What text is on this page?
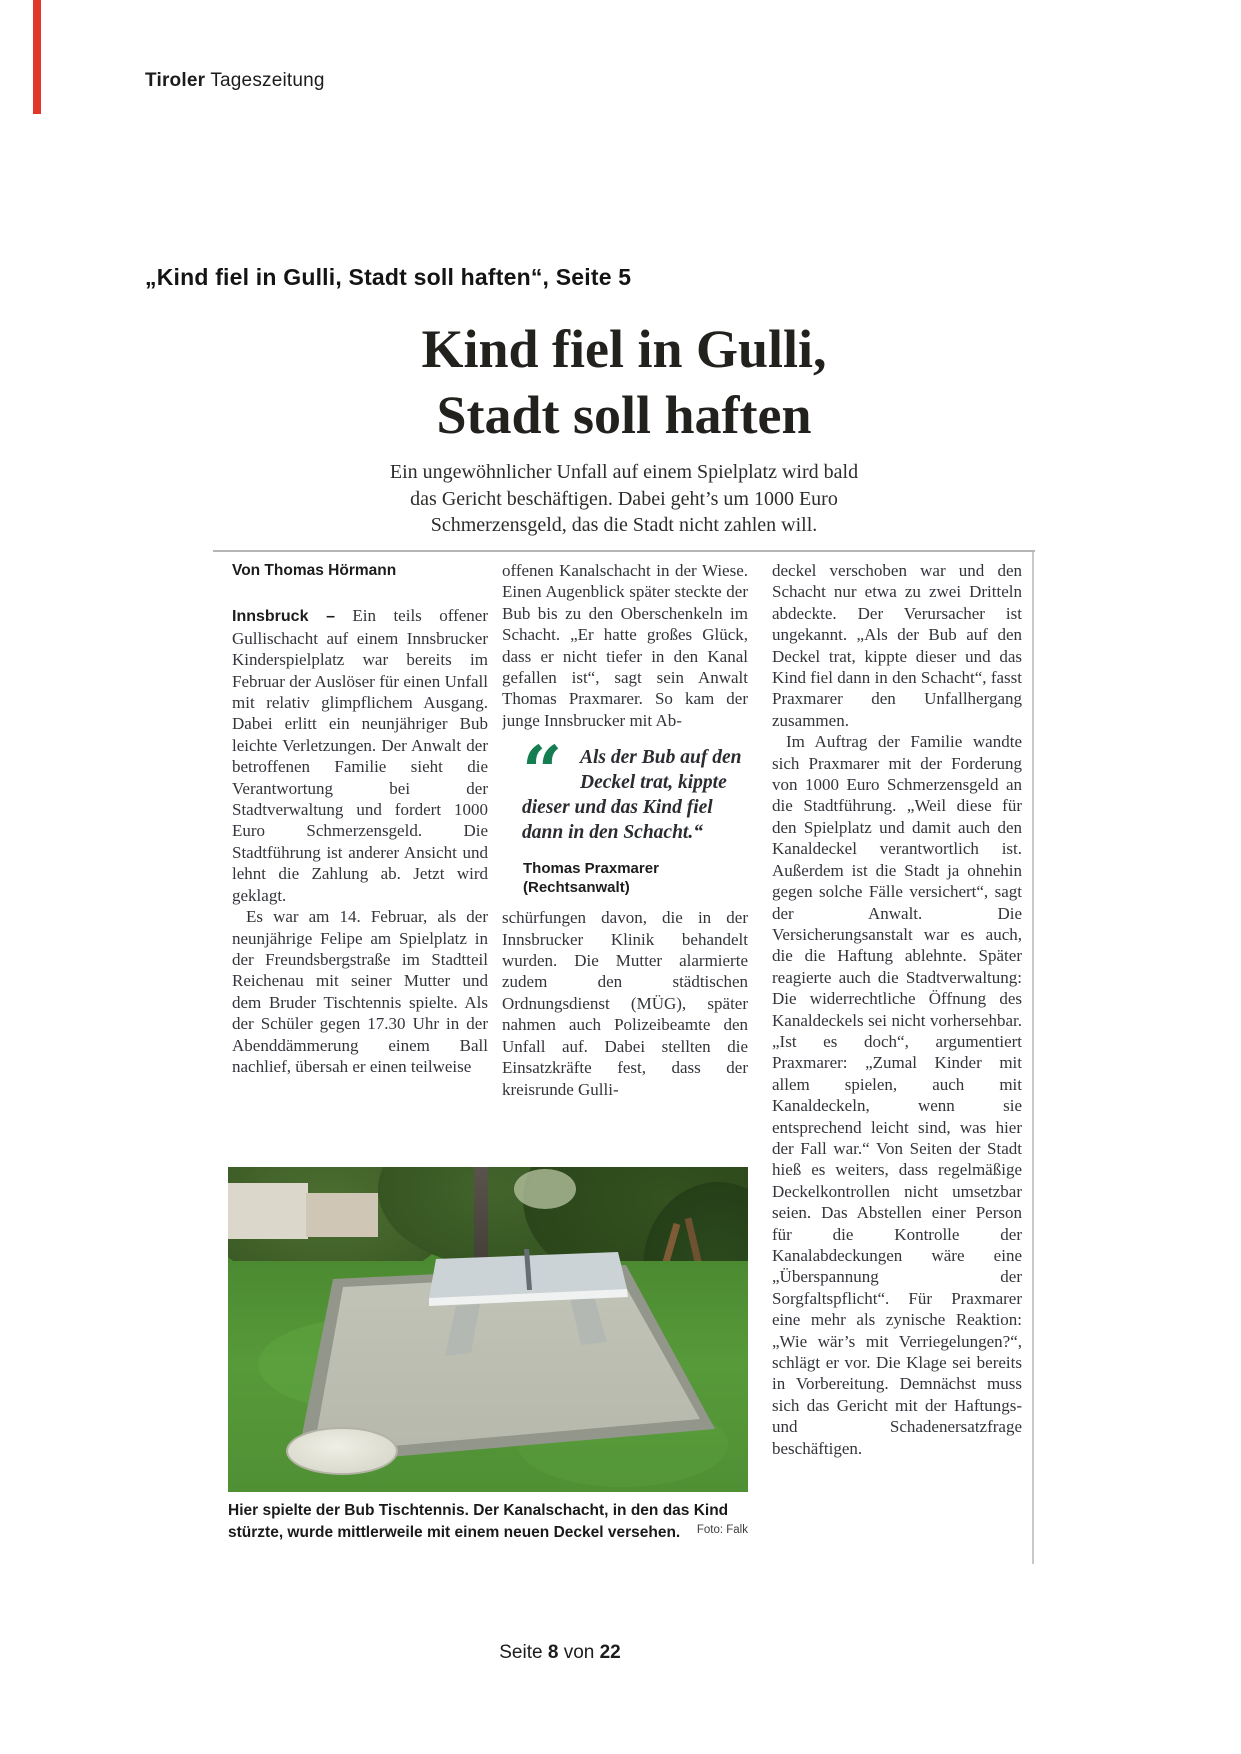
Tiroler Tageszeitung
„Kind fiel in Gulli, Stadt soll haften“, Seite 5
Kind fiel in Gulli,
Stadt soll haften
Ein ungewöhnlicher Unfall auf einem Spielplatz wird bald das Gericht beschäftigen. Dabei geht’s um 1000 Euro Schmerzensgeld, das die Stadt nicht zahlen will.
Von Thomas Hörmann

Innsbruck – Ein teils offener Gullischacht auf einem Innsbrucker Kinderspielplatz war bereits im Februar der Auslöser für einen Unfall mit relativ glimpflichem Ausgang. Dabei erlitt ein neunjähriger Bub leichte Verletzungen. Der Anwalt der betroffenen Familie sieht die Verantwortung bei der Stadtverwaltung und fordert 1000 Euro Schmerzensgeld. Die Stadtführung ist anderer Ansicht und lehnt die Zahlung ab. Jetzt wird geklagt.

Es war am 14. Februar, als der neunjährige Felipe am Spielplatz in der Freundsbergstraße im Stadtteil Reichenau mit seiner Mutter und dem Bruder Tischtennis spielte. Als der Schüler gegen 17.30 Uhr in der Abenddämmerung einem Ball nachlief, übersah er einen teilweise

offenen Kanalschacht in der Wiese. Einen Augenblick später steckte der Bub bis zu den Oberschenkeln im Schacht. „Er hatte großes Glück, dass er nicht tiefer in den Kanal gefallen ist“, sagt sein Anwalt Thomas Praxmarer. So kam der junge Innsbrucker mit Ab-

“ Als der Bub auf den Deckel trat, kippte dieser und das Kind fiel dann in den Schacht.“
Thomas Praxmarer
(Rechtsanwalt)

schürfungen davon, die in der Innsbrucker Klinik behandelt wurden. Die Mutter alarmierte zudem den städtischen Ordnungsdienst (MÜG), später nahmen auch Polizeibeamte den Unfall auf. Dabei stellten die Einsatzkräfte fest, dass der kreisrunde Gulli-

deckel verschoben war und den Schacht nur etwa zu zwei Dritteln abdeckte. Der Verursacher ist ungekannt. „Als der Bub auf den Deckel trat, kippte dieser und das Kind fiel dann in den Schacht“, fasst Praxmarer den Unfallhergang zusammen.

Im Auftrag der Familie wandte sich Praxmarer mit der Forderung von 1000 Euro Schmerzensgeld an die Stadtführung. „Weil diese für den Spielplatz und damit auch den Kanaldeckel verantwortlich ist. Außerdem ist die Stadt ja ohnehin gegen solche Fälle versichert“, sagt der Anwalt. Die Versicherungsanstalt war es auch, die die Haftung ablehnte. Später reagierte auch die Stadtverwaltung: Die widerrechtliche Öffnung des Kanaldeckels sei nicht vorhersehbar. „Ist es doch“, argumentiert Praxmarer: „Zumal Kinder mit allem spielen, auch mit Kanaldeckeln, wenn sie entsprechend leicht sind, was hier der Fall war.“ Von Seiten der Stadt hieß es weiters, dass regelmäßige Deckelkontrollen nicht umsetzbar seien. Das Abstellen einer Person für die Kontrolle der Kanalabdeckungen wäre eine „Überspannung der Sorgfaltspflicht“. Für Praxmarer eine mehr als zynische Reaktion: „Wie wär’s mit Verriegelungen?“, schlägt er vor. Die Klage sei bereits in Vorbereitung. Demnächst muss sich das Gericht mit der Haftungs- und Schadenersatzfrage beschäftigen.

Hier spielte der Bub Tischtennis. Der Kanalschacht, in den das Kind stürzte, wurde mittlerweile mit einem neuen Deckel versehen. Foto: Falk
Seite 8 von 22
